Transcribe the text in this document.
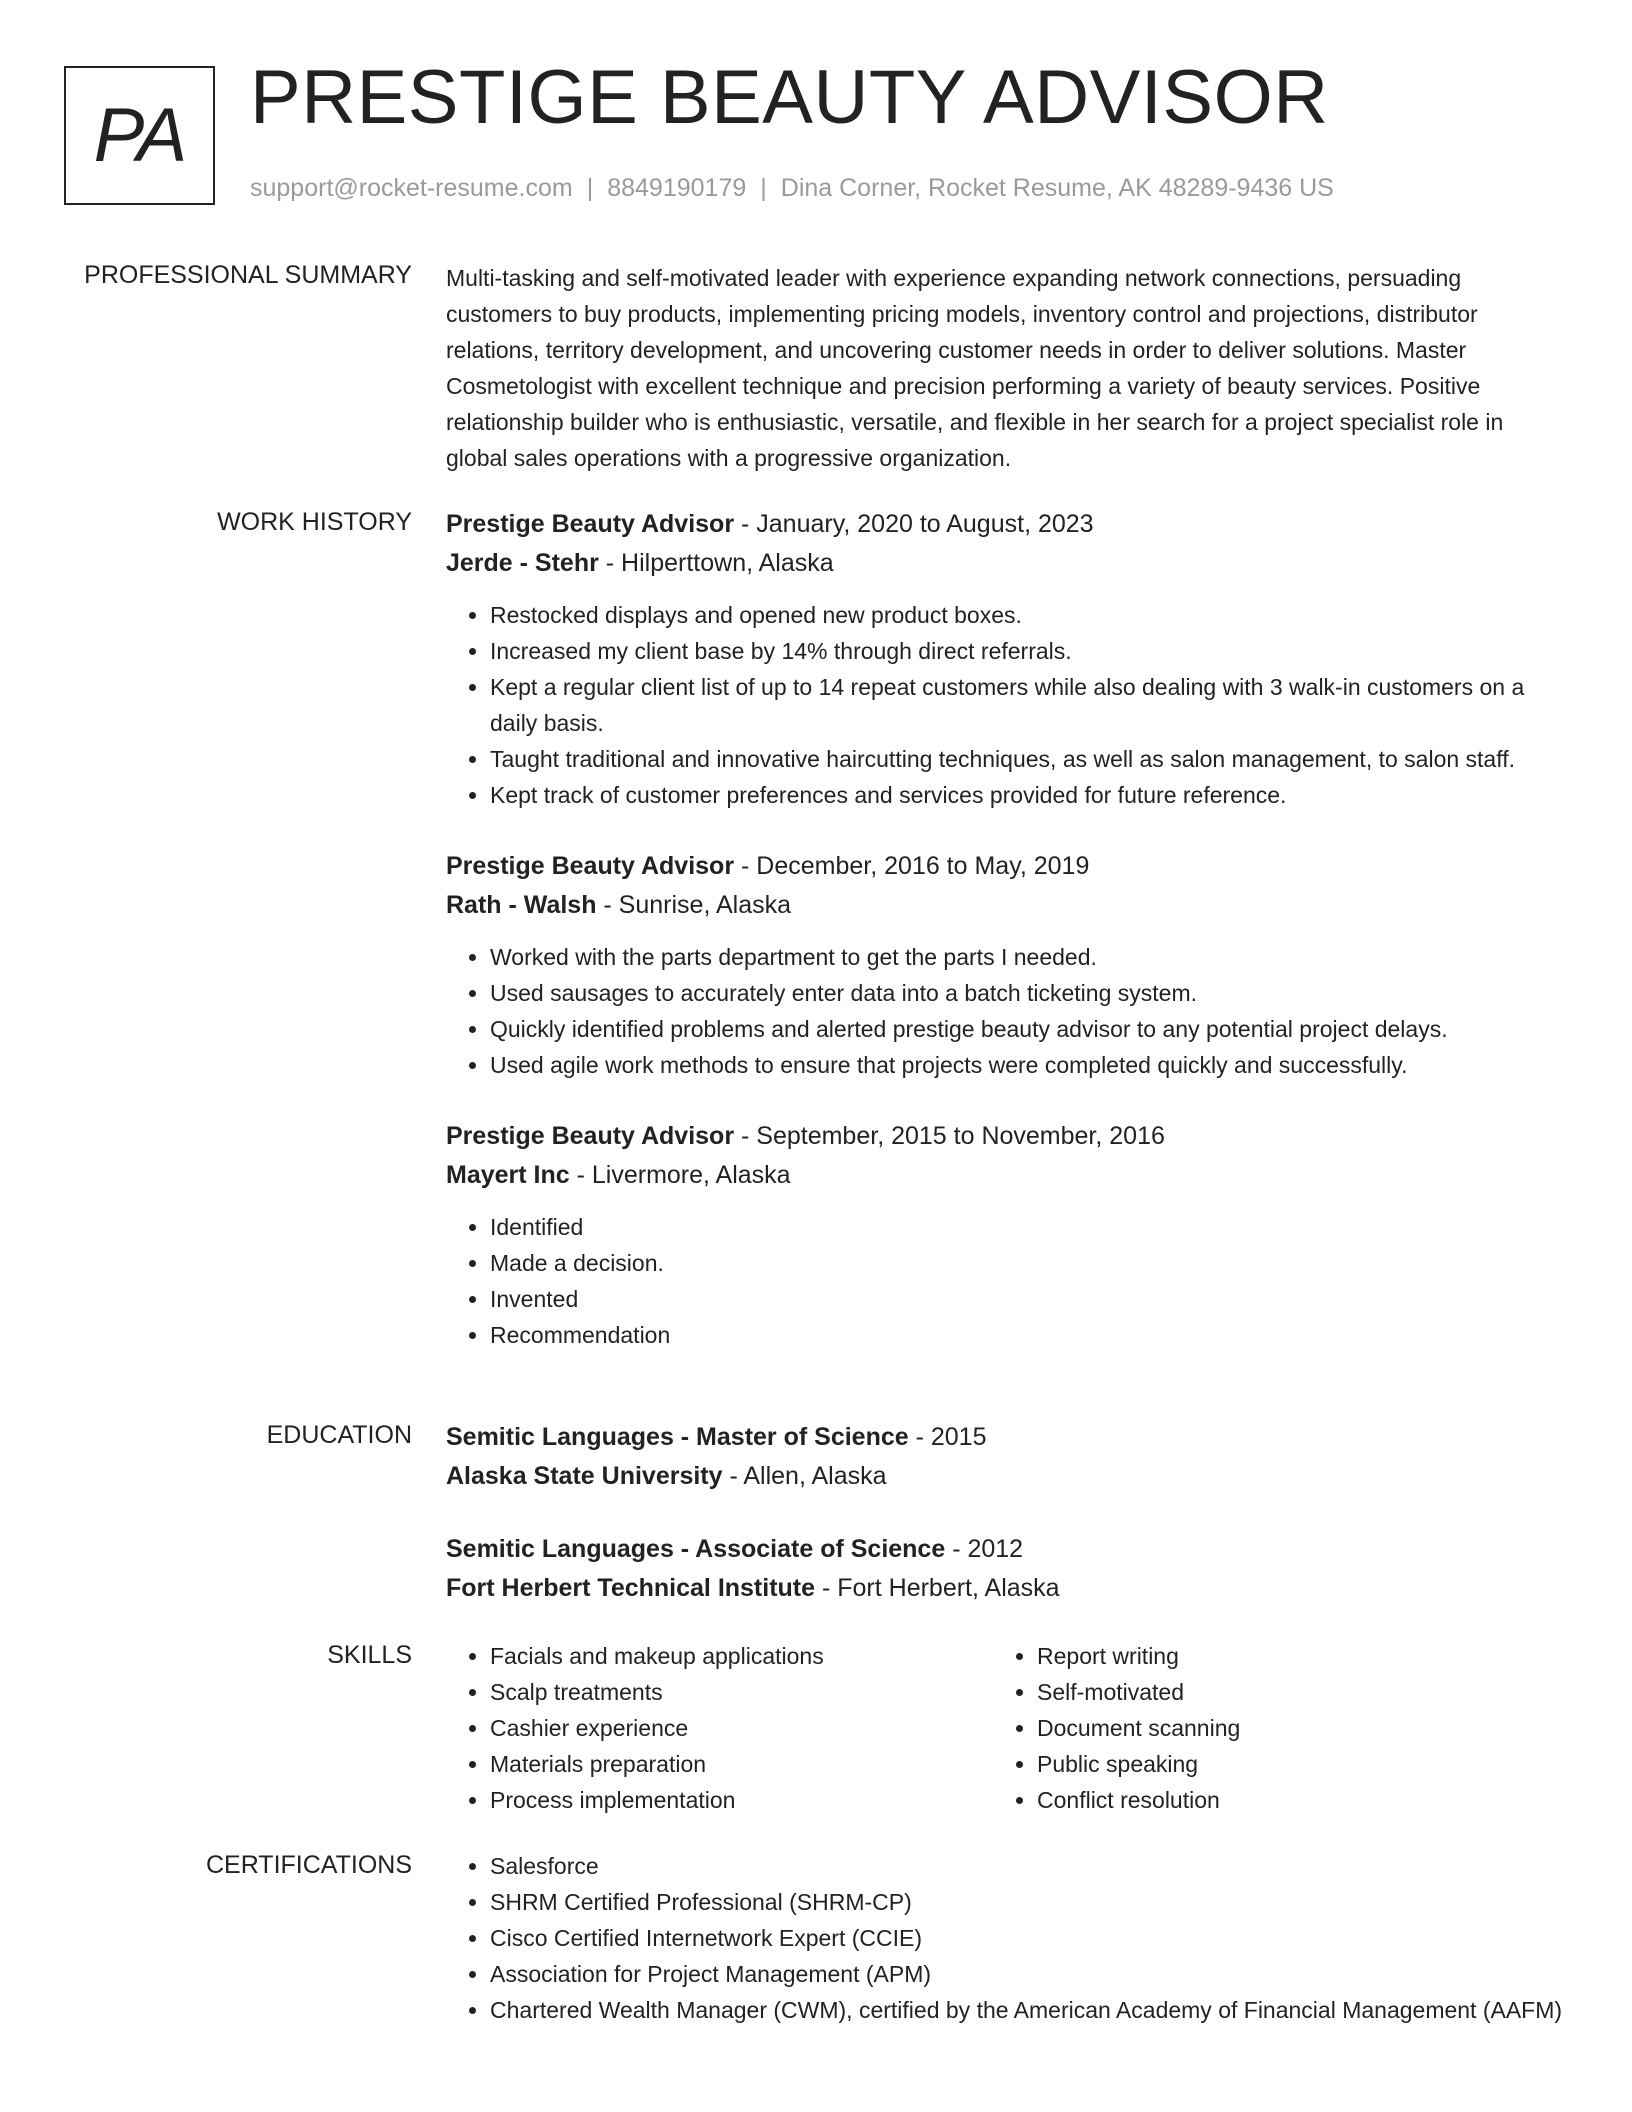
PA PRESTIGE BEAUTY ADVISOR
support@rocket-resume.com | 8849190179 | Dina Corner, Rocket Resume, AK 48289-9436 US
PROFESSIONAL SUMMARY Multi-tasking and self-motivated leader with experience expanding network connections, persuading customers to buy products, implementing pricing models, inventory control and projections, distributor relations, territory development, and uncovering customer needs in order to deliver solutions. Master Cosmetologist with excellent technique and precision performing a variety of beauty services. Positive relationship builder who is enthusiastic, versatile, and flexible in her search for a project specialist role in global sales operations with a progressive organization.
WORK HISTORY Prestige Beauty Advisor - January, 2020 to August, 2023
Jerde - Stehr - Hilperttown, Alaska
• Restocked displays and opened new product boxes.
• Increased my client base by 14% through direct referrals.
• Kept a regular client list of up to 14 repeat customers while also dealing with 3 walk-in customers on a daily basis.
• Taught traditional and innovative haircutting techniques, as well as salon management, to salon staff.
• Kept track of customer preferences and services provided for future reference.
Prestige Beauty Advisor - December, 2016 to May, 2019
Rath - Walsh - Sunrise, Alaska
• Worked with the parts department to get the parts I needed.
• Used sausages to accurately enter data into a batch ticketing system.
• Quickly identified problems and alerted prestige beauty advisor to any potential project delays.
• Used agile work methods to ensure that projects were completed quickly and successfully.
Prestige Beauty Advisor - September, 2015 to November, 2016
Mayert Inc - Livermore, Alaska
• Identified
• Made a decision.
• Invented
• Recommendation
EDUCATION Semitic Languages - Master of Science - 2015
Alaska State University - Allen, Alaska
Semitic Languages - Associate of Science - 2012
Fort Herbert Technical Institute - Fort Herbert, Alaska
SKILLS	• Facials and makeup applications
• Scalp treatments
• Cashier experience
• Materials preparation
• Process implementation
• Report writing
• Self-motivated
• Document scanning
• Public speaking
• Conflict resolution
CERTIFICATIONS	• Salesforce
• SHRM Certified Professional (SHRM-CP)
• Cisco Certified Internetwork Expert (CCIE)
• Association for Project Management (APM)
• Chartered Wealth Manager (CWM), certified by the American Academy of Financial Management (AAFM)
